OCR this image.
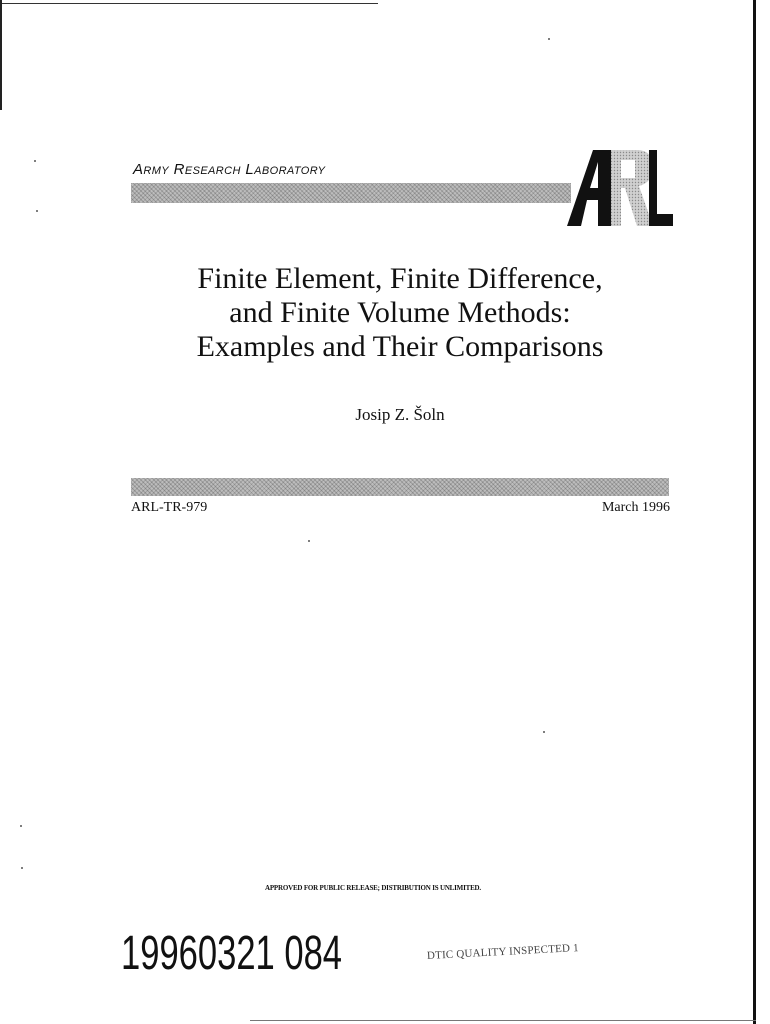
Army Research Laboratory
Finite Element, Finite Difference,
and Finite Volume Methods:
Examples and Their Comparisons
Josip Z. Šoln
ARL-TR-979	March 1996
APPROVED FOR PUBLIC RELEASE; DISTRIBUTION IS UNLIMITED.
19960321 084	DTIC QUALITY INSPECTED 1
